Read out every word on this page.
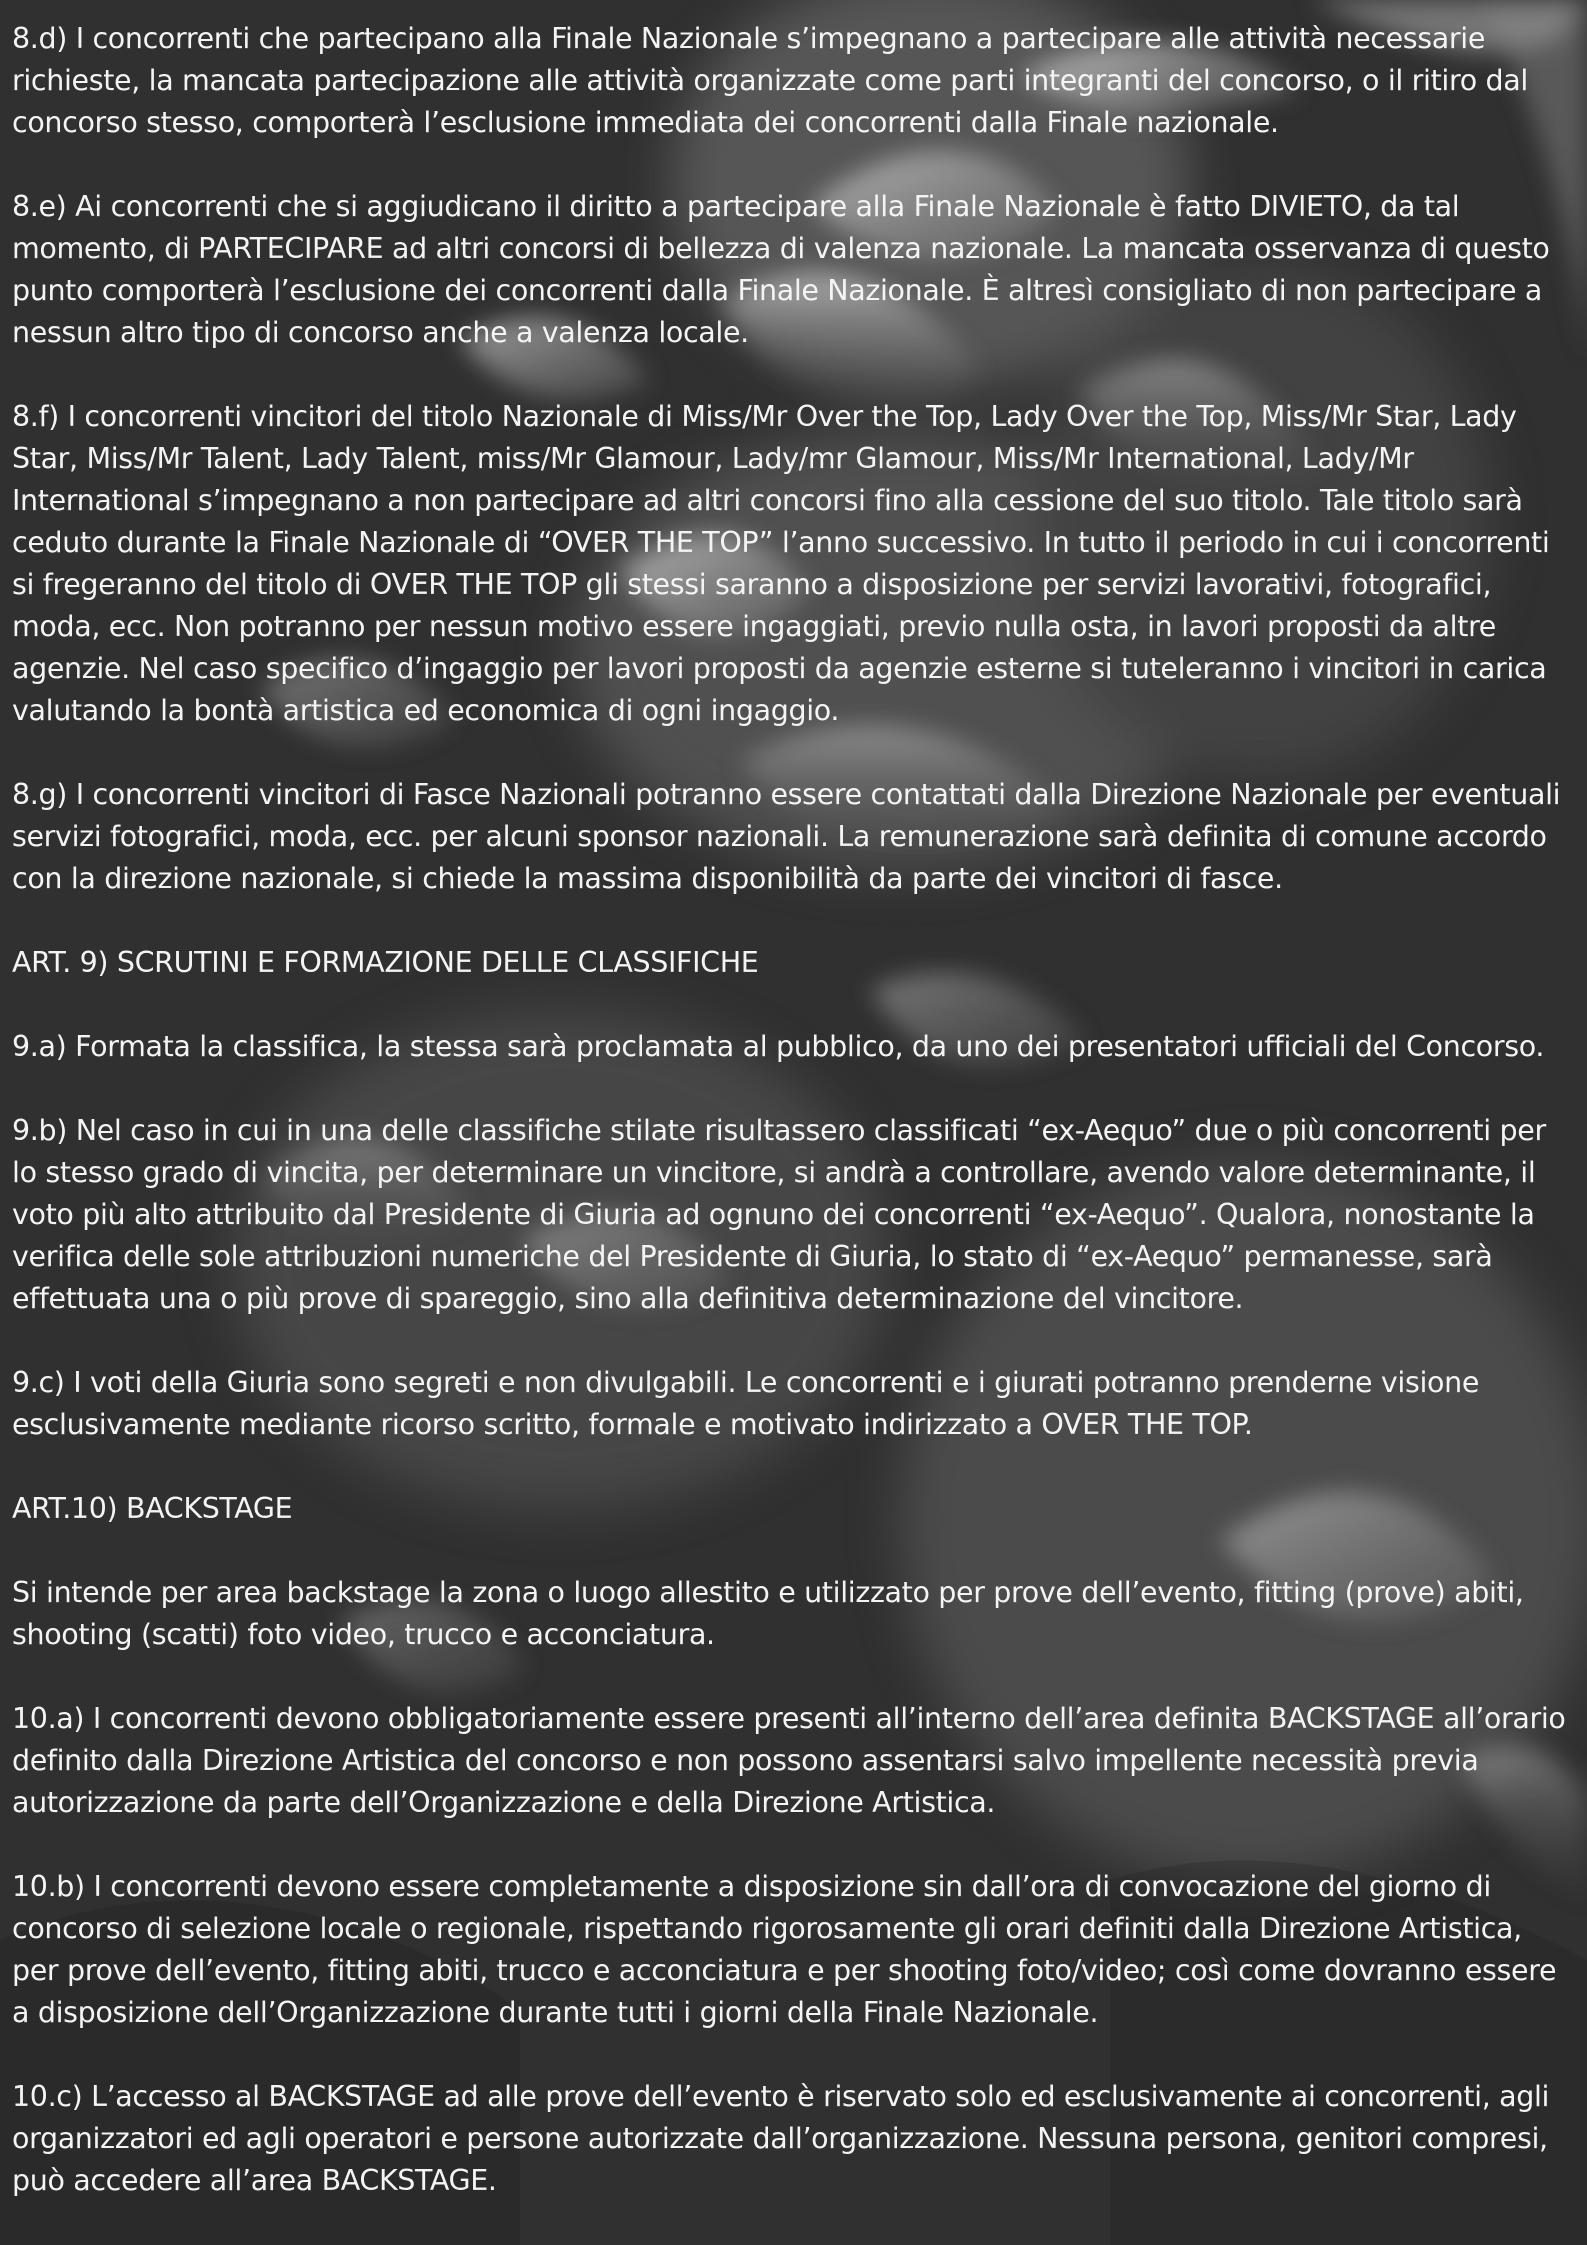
8.d) I concorrenti che partecipano alla Finale Nazionale s’impegnano a partecipare alle attività necessarie richieste, la mancata partecipazione alle attività organizzate come parti integranti del concorso, o il ritiro dal concorso stesso, comporterà l’esclusione immediata dei concorrenti dalla Finale nazionale.

8.e) Ai concorrenti che si aggiudicano il diritto a partecipare alla Finale Nazionale è fatto DIVIETO, da tal momento, di PARTECIPARE ad altri concorsi di bellezza di valenza nazionale. La mancata osservanza di questo punto comporterà l’esclusione dei concorrenti dalla Finale Nazionale. È altresì consigliato di non partecipare a nessun altro tipo di concorso anche a valenza locale.

8.f) I concorrenti vincitori del titolo Nazionale di Miss/Mr Over the Top, Lady Over the Top, Miss/Mr Star, Lady Star, Miss/Mr Talent, Lady Talent, miss/Mr Glamour, Lady/mr Glamour, Miss/Mr International, Lady/Mr International s’impegnano a non partecipare ad altri concorsi fino alla cessione del suo titolo. Tale titolo sarà ceduto durante la Finale Nazionale di “OVER THE TOP” l’anno successivo. In tutto il periodo in cui i concorrenti si fregeranno del titolo di OVER THE TOP gli stessi saranno a disposizione per servizi lavorativi, fotografici, moda, ecc. Non potranno per nessun motivo essere ingaggiati, previo nulla osta, in lavori proposti da altre agenzie. Nel caso specifico d’ingaggio per lavori proposti da agenzie esterne si tuteleranno i vincitori in carica valutando la bontà artistica ed economica di ogni ingaggio.

8.g) I concorrenti vincitori di Fasce Nazionali potranno essere contattati dalla Direzione Nazionale per eventuali servizi fotografici, moda, ecc. per alcuni sponsor nazionali. La remunerazione sarà definita di comune accordo con la direzione nazionale, si chiede la massima disponibilità da parte dei vincitori di fasce.

ART. 9) SCRUTINI E FORMAZIONE DELLE CLASSIFICHE

9.a) Formata la classifica, la stessa sarà proclamata al pubblico, da uno dei presentatori ufficiali del Concorso.

9.b) Nel caso in cui in una delle classifiche stilate risultassero classificati “ex-Aequo” due o più concorrenti per lo stesso grado di vincita, per determinare un vincitore, si andrà a controllare, avendo valore determinante, il voto più alto attribuito dal Presidente di Giuria ad ognuno dei concorrenti “ex-Aequo”. Qualora, nonostante la verifica delle sole attribuzioni numeriche del Presidente di Giuria, lo stato di “ex-Aequo” permanesse, sarà effettuata una o più prove di spareggio, sino alla definitiva determinazione del vincitore.

9.c) I voti della Giuria sono segreti e non divulgabili. Le concorrenti e i giurati potranno prenderne visione esclusivamente mediante ricorso scritto, formale e motivato indirizzato a OVER THE TOP.

ART.10) BACKSTAGE

Si intende per area backstage la zona o luogo allestito e utilizzato per prove dell’evento, fitting (prove) abiti, shooting (scatti) foto video, trucco e acconciatura.

10.a) I concorrenti devono obbligatoriamente essere presenti all’interno dell’area definita BACKSTAGE all’orario definito dalla Direzione Artistica del concorso e non possono assentarsi salvo impellente necessità previa autorizzazione da parte dell’Organizzazione e della Direzione Artistica.

10.b) I concorrenti devono essere completamente a disposizione sin dall’ora di convocazione del giorno di concorso di selezione locale o regionale, rispettando rigorosamente gli orari definiti dalla Direzione Artistica, per prove dell’evento, fitting abiti, trucco e acconciatura e per shooting foto/video; così come dovranno essere a disposizione dell’Organizzazione durante tutti i giorni della Finale Nazionale.

10.c) L’accesso al BACKSTAGE ad alle prove dell’evento è riservato solo ed esclusivamente ai concorrenti, agli organizzatori ed agli operatori e persone autorizzate dall’organizzazione. Nessuna persona, genitori compresi, può accedere all’area BACKSTAGE.
